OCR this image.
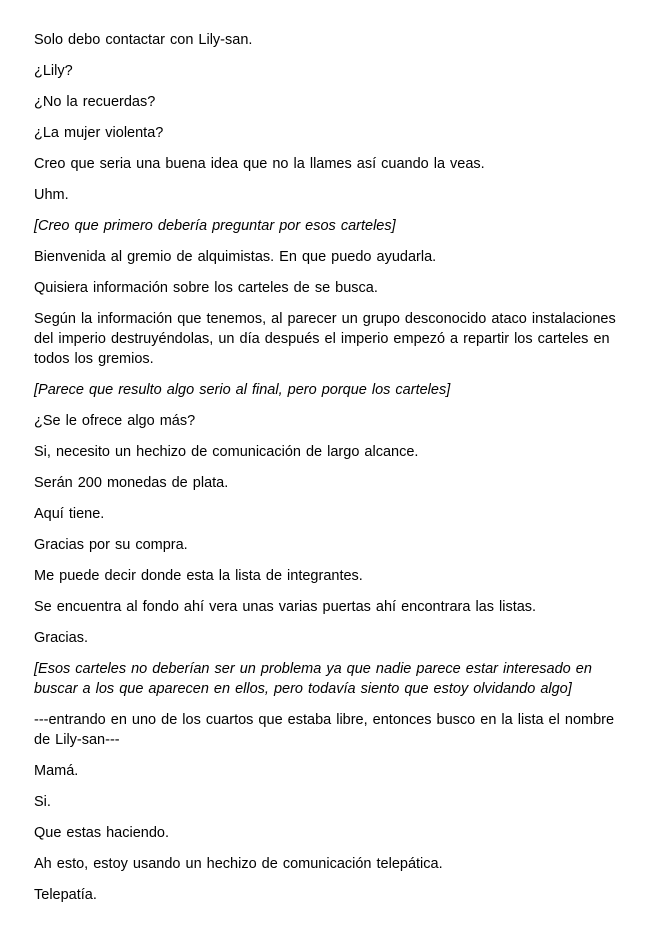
Solo debo contactar con Lily-san.

¿Lily?

¿No la recuerdas?

¿La mujer violenta?

Creo que seria una buena idea que no la llames así cuando la veas.

Uhm.

[Creo que primero debería preguntar por esos carteles]

Bienvenida al gremio de alquimistas. En que puedo ayudarla.

Quisiera información sobre los carteles de se busca.

Según la información que tenemos, al parecer un grupo desconocido ataco instalaciones del imperio destruyéndolas, un día después el imperio empezó a repartir los carteles en todos los gremios.

[Parece que resulto algo serio al final, pero porque los carteles]

¿Se le ofrece algo más?

Si, necesito un hechizo de comunicación de largo alcance.

Serán 200 monedas de plata.

Aquí tiene.

Gracias por su compra.

Me puede decir donde esta la lista de integrantes.

Se encuentra al fondo ahí vera unas varias puertas ahí encontrara las listas.

Gracias.

[Esos carteles no deberían ser un problema ya que nadie parece estar interesado en buscar a los que aparecen en ellos, pero todavía siento que estoy olvidando algo]

---entrando en uno de los cuartos que estaba libre, entonces busco en la lista el nombre de Lily-san---

Mamá.

Si.

Que estas haciendo.

Ah esto, estoy usando un hechizo de comunicación telepática.

Telepatía.
